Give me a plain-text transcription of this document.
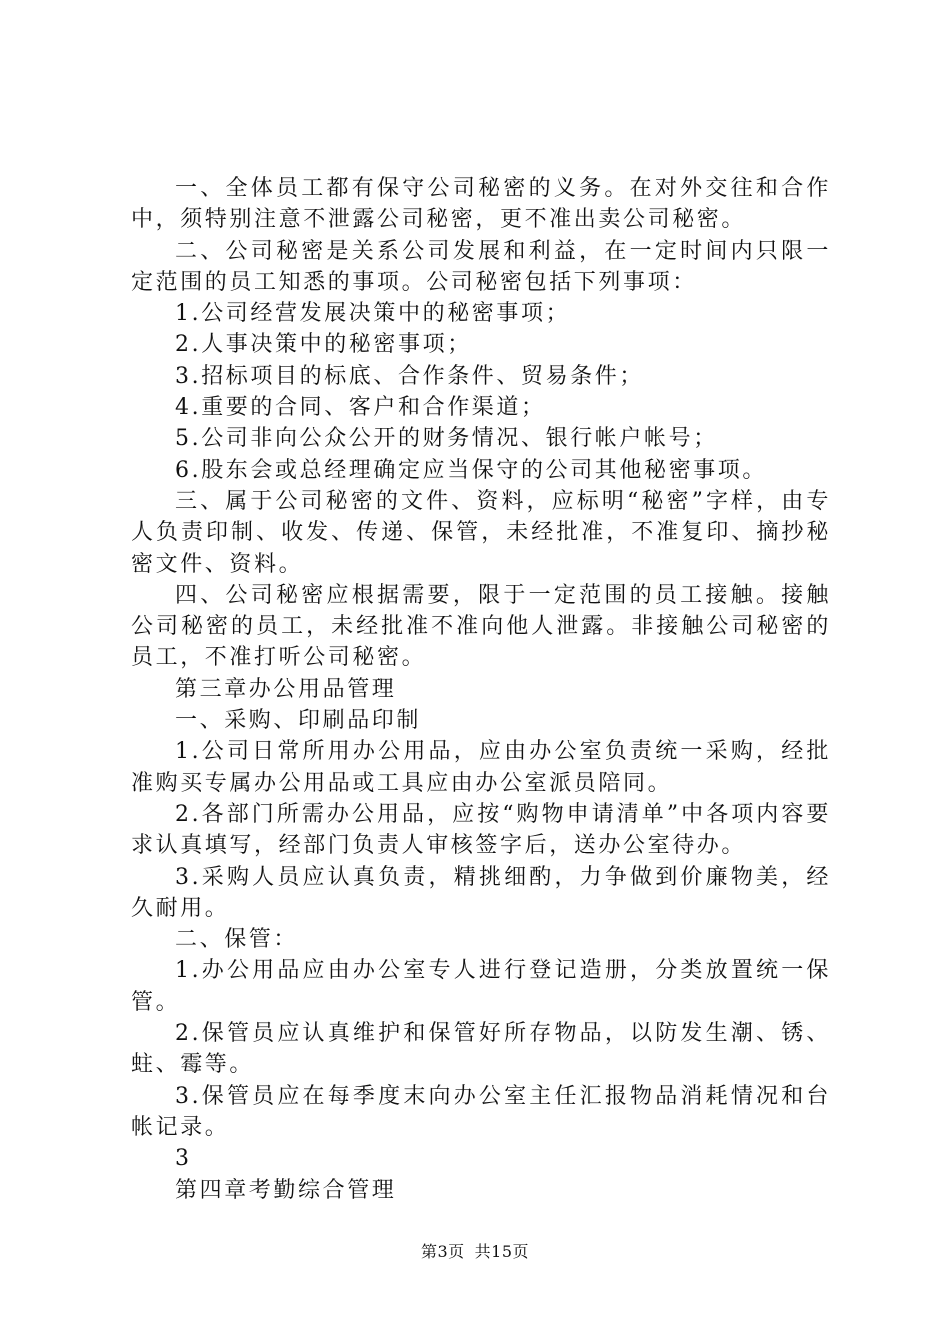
一、全体员工都有保守公司秘密的义务。在对外交往和合作中，须特别注意不泄露公司秘密，更不准出卖公司秘密。

二、公司秘密是关系公司发展和利益，在一定时间内只限一定范围的员工知悉的事项。公司秘密包括下列事项：

1.公司经营发展决策中的秘密事项；

2.人事决策中的秘密事项；

3.招标项目的标底、合作条件、贸易条件；

4.重要的合同、客户和合作渠道；

5.公司非向公众公开的财务情况、银行帐户帐号；

6.股东会或总经理确定应当保守的公司其他秘密事项。

三、属于公司秘密的文件、资料，应标明“秘密”字样，由专人负责印制、收发、传递、保管，未经批准，不准复印、摘抄秘密文件、资料。

四、公司秘密应根据需要，限于一定范围的员工接触。接触公司秘密的员工，未经批准不准向他人泄露。非接触公司秘密的员工，不准打听公司秘密。

第三章办公用品管理

一、采购、印刷品印制

1.公司日常所用办公用品，应由办公室负责统一采购，经批准购买专属办公用品或工具应由办公室派员陪同。

2.各部门所需办公用品，应按“购物申请清单”中各项内容要求认真填写，经部门负责人审核签字后，送办公室待办。

3.采购人员应认真负责，精挑细酌，力争做到价廉物美，经久耐用。

二、保管：

1.办公用品应由办公室专人进行登记造册，分类放置统一保管。

2.保管员应认真维护和保管好所存物品，以防发生潮、锈、蛀、霉等。

3.保管员应在每季度末向办公室主任汇报物品消耗情况和台帐记录。

3

第四章考勤综合管理

第3页 共15页
